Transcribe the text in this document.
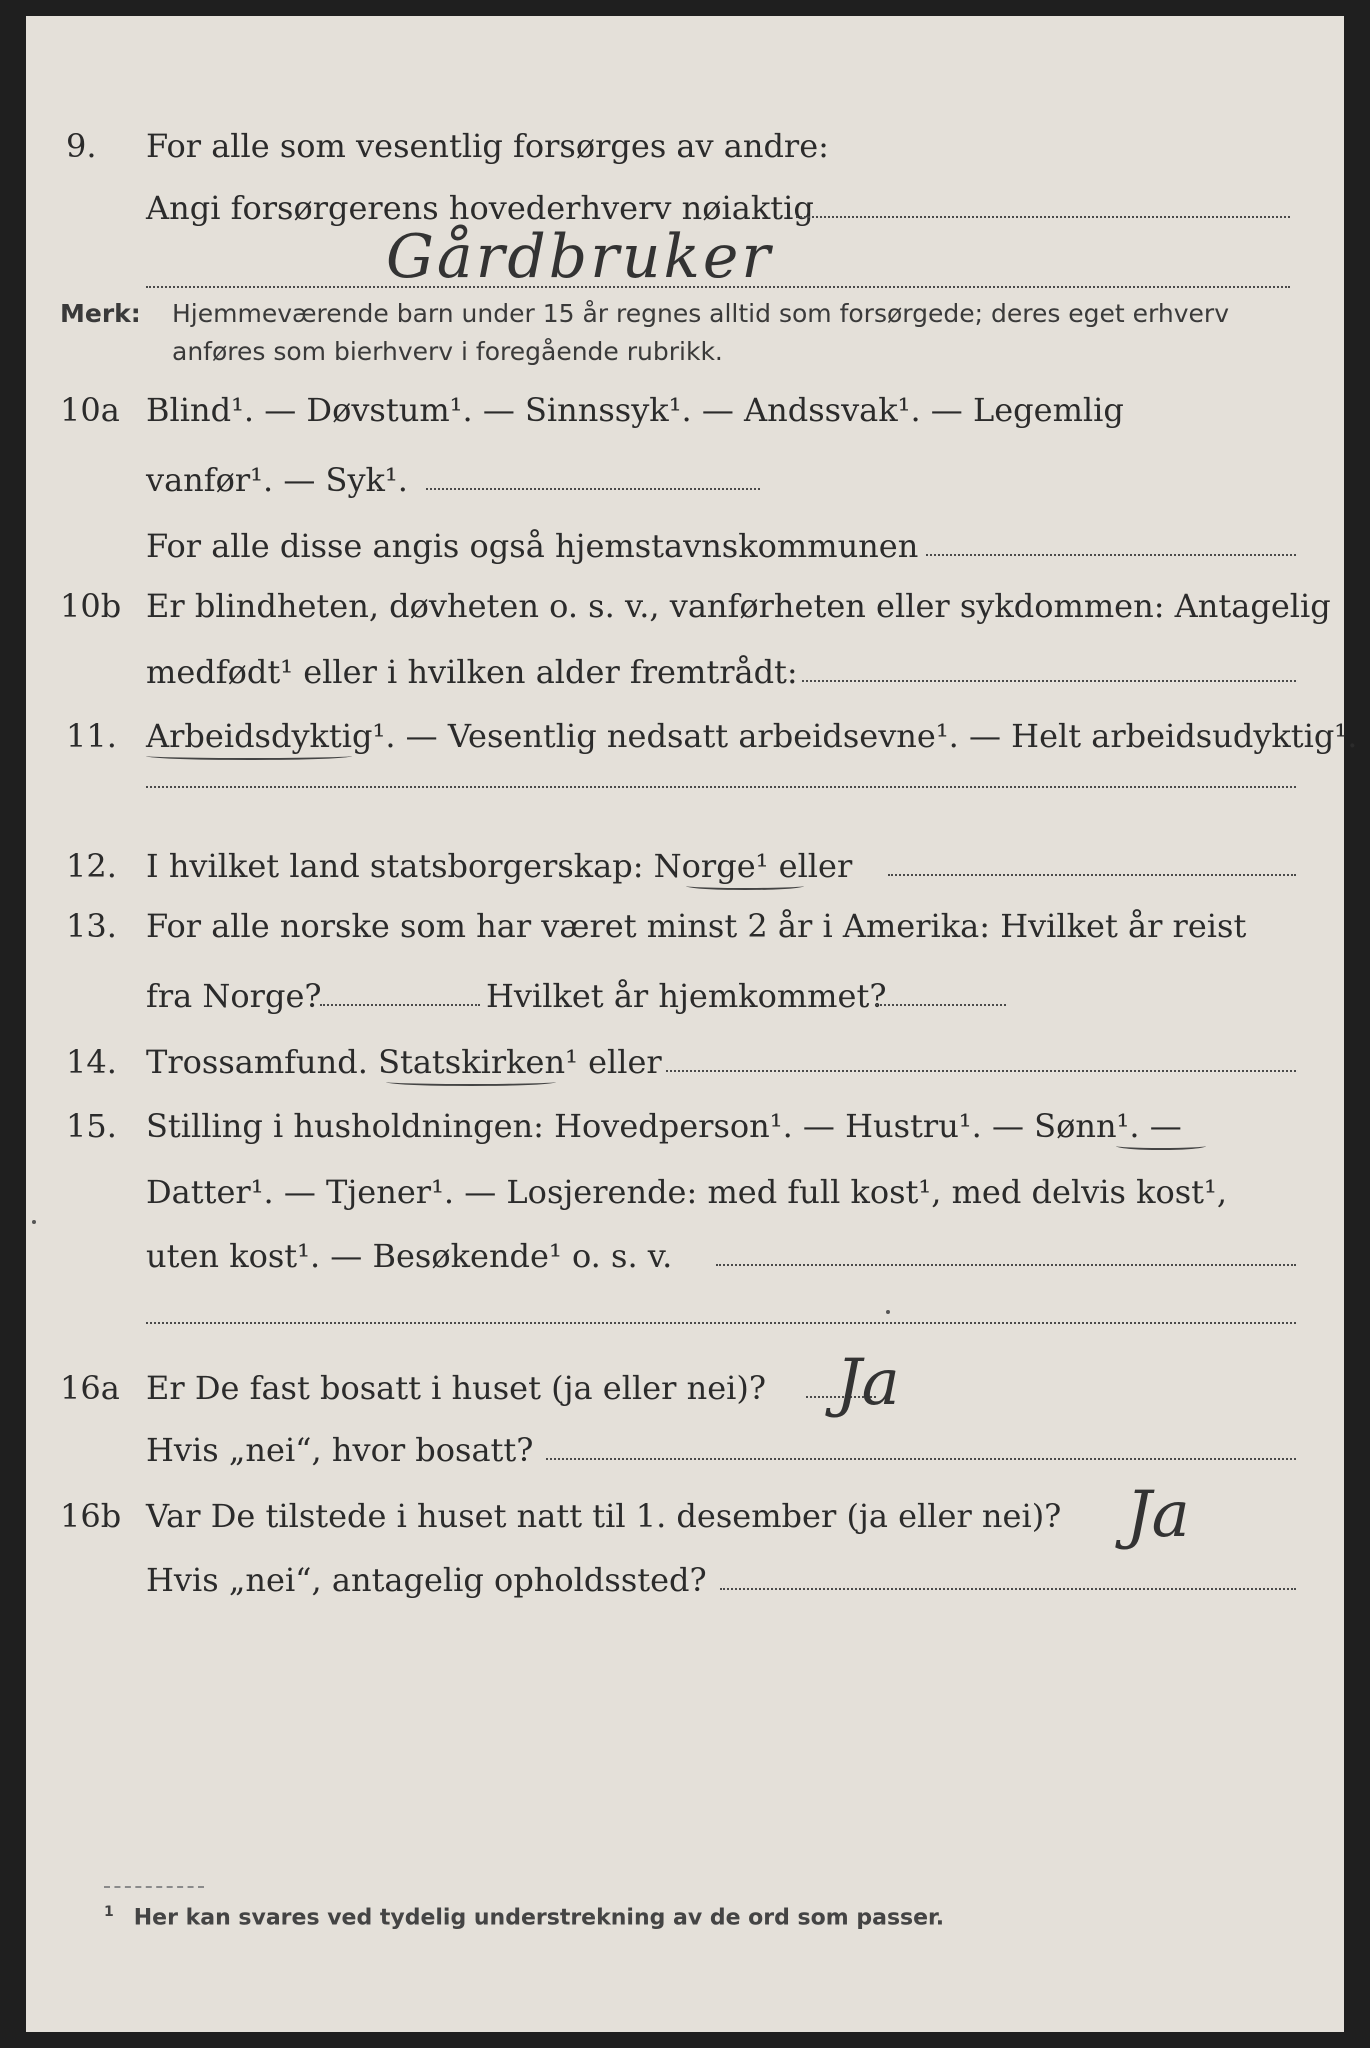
9. For alle som vesentlig forsørges av andre:
Angi forsørgerens hovederhverv nøiaktig
Gårdbruker
Merk: Hjemmeværende barn under 15 år regnes alltid som forsørgede; deres eget erhverv
anføres som bierhverv i foregående rubrikk.
10a Blind¹. — Døvstum¹. — Sinnssyk¹. — Andssvak¹. — Legemlig
vanfør¹. — Syk¹.
For alle disse angis også hjemstavnskommunen
10b Er blindheten, døvheten o. s. v., vanførheten eller sykdommen: Antagelig
medfødt¹ eller i hvilken alder fremtrådt:
11. Arbeidsdyktig¹. — Vesentlig nedsatt arbeidsevne¹. — Helt arbeidsudyktig¹.
12. I hvilket land statsborgerskap: Norge¹ eller
13. For alle norske som har været minst 2 år i Amerika: Hvilket år reist
fra Norge?	Hvilket år hjemkommet?
14. Trossamfund. Statskirken¹ eller
15. Stilling i husholdningen: Hovedperson¹. — Hustru¹. — Sønn¹. —
Datter¹. — Tjener¹. — Losjerende: med full kost¹, med delvis kost¹,
uten kost¹. — Besøkende¹ o. s. v.
16a Er De fast bosatt i huset (ja eller nei)? Ja
Hvis „nei“, hvor bosatt?
16b Var De tilstede i huset natt til 1. desember (ja eller nei)? Ja
Hvis „nei“, antagelig opholdssted?
$^1$ Her kan svares ved tydelig understrekning av de ord som passer.
